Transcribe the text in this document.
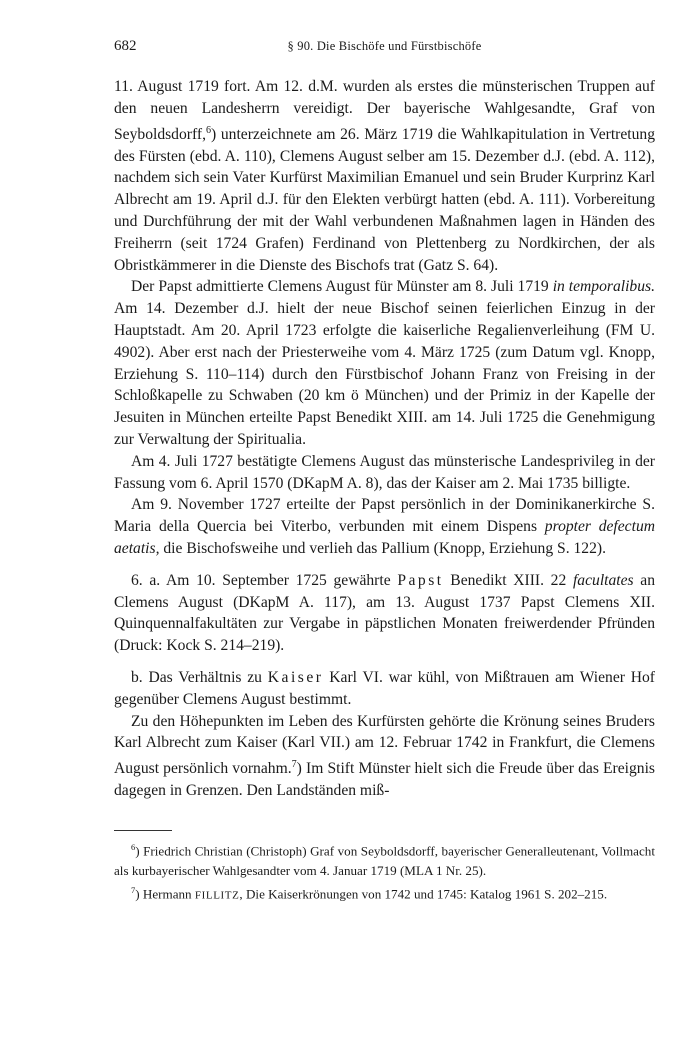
682	§ 90. Die Bischöfe und Fürstbischöfe

11. August 1719 fort. Am 12. d.M. wurden als erstes die münsterischen Truppen auf den neuen Landesherrn vereidigt. Der bayerische Wahlgesandte, Graf von Seyboldsdorff,$^6$) unterzeichnete am 26. März 1719 die Wahlkapitulation in Vertretung des Fürsten (ebd. A. 110), Clemens August selber am 15. Dezember d.J. (ebd. A. 112), nachdem sich sein Vater Kurfürst Maximilian Emanuel und sein Bruder Kurprinz Karl Albrecht am 19. April d.J. für den Elekten verbürgt hatten (ebd. A. 111). Vorbereitung und Durchführung der mit der Wahl verbundenen Maßnahmen lagen in Händen des Freiherrn (seit 1724 Grafen) Ferdinand von Plettenberg zu Nordkirchen, der als Obristkämmerer in die Dienste des Bischofs trat (Gatz S. 64).

Der Papst admittierte Clemens August für Münster am 8. Juli 1719 in temporalibus. Am 14. Dezember d.J. hielt der neue Bischof seinen feierlichen Einzug in der Hauptstadt. Am 20. April 1723 erfolgte die kaiserliche Regalienverleihung (FM U. 4902). Aber erst nach der Priesterweihe vom 4. März 1725 (zum Datum vgl. Knopp, Erziehung S. 110–114) durch den Fürstbischof Johann Franz von Freising in der Schloßkapelle zu Schwaben (20 km ö München) und der Primiz in der Kapelle der Jesuiten in München erteilte Papst Benedikt XIII. am 14. Juli 1725 die Genehmigung zur Verwaltung der Spiritualia.

Am 4. Juli 1727 bestätigte Clemens August das münsterische Landesprivileg in der Fassung vom 6. April 1570 (DKapM A. 8), das der Kaiser am 2. Mai 1735 billigte.

Am 9. November 1727 erteilte der Papst persönlich in der Dominikanerkirche S. Maria della Quercia bei Viterbo, verbunden mit einem Dispens propter defectum aetatis, die Bischofsweihe und verlieh das Pallium (Knopp, Erziehung S. 122).

6. a. Am 10. September 1725 gewährte Papst Benedikt XIII. 22 facultates an Clemens August (DKapM A. 117), am 13. August 1737 Papst Clemens XII. Quinquennalfakultäten zur Vergabe in päpstlichen Monaten freiwerdender Pfründen (Druck: Kock S. 214–219).

b. Das Verhältnis zu Kaiser Karl VI. war kühl, von Mißtrauen am Wiener Hof gegenüber Clemens August bestimmt.

Zu den Höhepunkten im Leben des Kurfürsten gehörte die Krönung seines Bruders Karl Albrecht zum Kaiser (Karl VII.) am 12. Februar 1742 in Frankfurt, die Clemens August persönlich vornahm.$^7$) Im Stift Münster hielt sich die Freude über das Ereignis dagegen in Grenzen. Den Landständen miß-

$^6$) Friedrich Christian (Christoph) Graf von Seyboldsdorff, bayerischer Generalleutenant, Vollmacht als kurbayerischer Wahlgesandter vom 4. Januar 1719 (MLA 1 Nr. 25).

$^7$) Hermann FILLITZ, Die Kaiserkrönungen von 1742 und 1745: Katalog 1961 S. 202–215.
